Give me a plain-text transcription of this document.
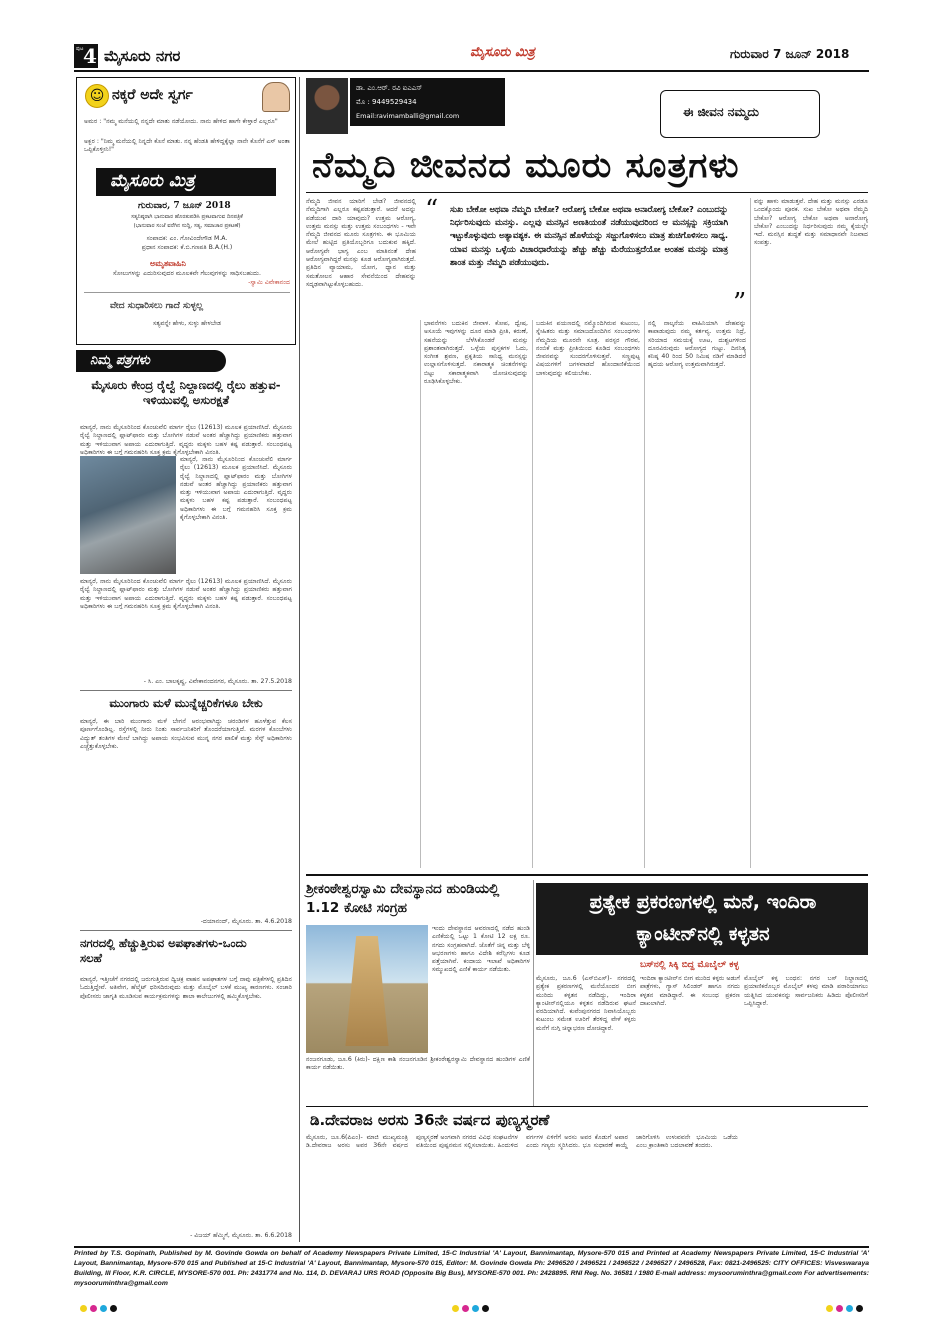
ಪುಟ 4 ಮೈಸೂರು ನಗರ	ಮೈಸೂರು ಮಿತ್ರ	ಗುರುವಾರ 7 ಜೂನ್ 2018
☺ ನಕ್ಕರೆ ಅದೇ ಸ್ವರ್ಗ
ಅಮರ : "ನಮ್ಮ ಮನೆಯಲ್ಲಿ ನನ್ನದೇ ಮಾತು ನಡೆಯೋದು. ನಾನು ಹೇಳಿದ ಹಾಗೇ ಕೇಳ್ತಾರೆ ಎಲ್ಲರೂ"
ಅಕ್ಬರ : "ನಿಮ್ಮ ಮನೆಯಲ್ಲಿ ನಿನ್ನದೇ ಕೊನೆ ಮಾತು. ನನ್ನ ಹೆಂಡತಿ ಹೇಳಿದ್ದಕ್ಕೆಲ್ಲಾ ನಾನೇ ಕೊನೆಗೆ ಎಸ್ ಅಂತಾ ಒಪ್ಪಿಕೊಳ್ತೀನಿ!"
ಮೈಸೂರು ಮಿತ್ರ
ಗುರುವಾರ, 7 ಜೂನ್ 2018
ಸತ್ಯನಿಷ್ಠರಾಗಿ ಭಾನುವಾರ ಹೊರತುಪಡಿಸಿ ಪ್ರಕಟವಾಗುವ ದಿನಪತ್ರಿಕೆ
(ಭಾನುವಾರ ಸಂಜೆ ವರೆಗಿನ ಸುದ್ದಿ, ಸತ್ಯ, ಸಮಾಚಾರ ಪ್ರಕಟಣೆ)
ಸಂಪಾದಕ: ಎಂ. ಗೋವಿಂದೇಗೌಡ M.A.
ಪ್ರಧಾನ ಸಂಪಾದಕ: ಕೆ.ಬಿ.ಗಣಪತಿ B.A.(H.)
ಅಮೃತವಾಹಿನಿ
ಸೋಲುಗಳನ್ನು ಎದುರಿಸುವುದರ ಮೂಲಕವೇ ಗೆಲುವುಗಳನ್ನು ಸಾಧಿಸಬಹುದು.
-ಸ್ವಾಮಿ ವಿವೇಕಾನಂದ
ವೇದ ಸುಧಾರಿಸಲು ಗಾದೆ ಸುಳ್ಳಲ್ಲ
ಸತ್ಯವನ್ನೇ ಹೇಳು, ಸುಳ್ಳು ಹೇಳಬೇಡ
ನಿಮ್ಮ ಪತ್ರಗಳು
ಮೈಸೂರು ಕೇಂದ್ರ ರೈಲ್ವೆ ನಿಲ್ದಾಣದಲ್ಲಿ ರೈಲು ಹತ್ತುವ-ಇಳಿಯುವಲ್ಲಿ ಅಸುರಕ್ಷತೆ
ಮಾನ್ಯರೆ, ನಾನು ಮೈಸೂರಿನಿಂದ ಕೊಂಚುವೆಲಿ ಮಾರ್ಗ ರೈಲು (12613) ಮೂಲಕ ಪ್ರಯಾಣಿಸಿದೆ. ಮೈಸೂರು ರೈಲ್ವೆ ನಿಲ್ದಾಣದಲ್ಲಿ ಪ್ಲಾಟ್‌ಫಾರಂ ಮತ್ತು ಬೋಗಿಗಳ ನಡುವೆ ಅಂತರ ಹೆಚ್ಚಾಗಿದ್ದು ಪ್ರಯಾಣಿಕರು ಹತ್ತುವಾಗ ಮತ್ತು ಇಳಿಯುವಾಗ ಅಪಾಯ ಎದುರಾಗುತ್ತಿದೆ. ವೃದ್ಧರು ಮಕ್ಕಳು ಬಹಳ ಕಷ್ಟ ಪಡುತ್ತಾರೆ. ಸಂಬಂಧಪಟ್ಟ ಅಧಿಕಾರಿಗಳು ಈ ಬಗ್ಗೆ ಗಮನಹರಿಸಿ ಸೂಕ್ತ ಕ್ರಮ ಕೈಗೊಳ್ಳಬೇಕಾಗಿ ವಿನಂತಿ.
ಮಾನ್ಯರೆ, ನಾನು ಮೈಸೂರಿನಿಂದ ಕೊಂಚುವೆಲಿ ಮಾರ್ಗ ರೈಲು (12613) ಮೂಲಕ ಪ್ರಯಾಣಿಸಿದೆ. ಮೈಸೂರು ರೈಲ್ವೆ ನಿಲ್ದಾಣದಲ್ಲಿ ಪ್ಲಾಟ್‌ಫಾರಂ ಮತ್ತು ಬೋಗಿಗಳ ನಡುವೆ ಅಂತರ ಹೆಚ್ಚಾಗಿದ್ದು ಪ್ರಯಾಣಿಕರು ಹತ್ತುವಾಗ ಮತ್ತು ಇಳಿಯುವಾಗ ಅಪಾಯ ಎದುರಾಗುತ್ತಿದೆ. ವೃದ್ಧರು ಮಕ್ಕಳು ಬಹಳ ಕಷ್ಟ ಪಡುತ್ತಾರೆ. ಸಂಬಂಧಪಟ್ಟ ಅಧಿಕಾರಿಗಳು ಈ ಬಗ್ಗೆ ಗಮನಹರಿಸಿ ಸೂಕ್ತ ಕ್ರಮ ಕೈಗೊಳ್ಳಬೇಕಾಗಿ ವಿನಂತಿ.
ಮಾನ್ಯರೆ, ನಾನು ಮೈಸೂರಿನಿಂದ ಕೊಂಚುವೆಲಿ ಮಾರ್ಗ ರೈಲು (12613) ಮೂಲಕ ಪ್ರಯಾಣಿಸಿದೆ. ಮೈಸೂರು ರೈಲ್ವೆ ನಿಲ್ದಾಣದಲ್ಲಿ ಪ್ಲಾಟ್‌ಫಾರಂ ಮತ್ತು ಬೋಗಿಗಳ ನಡುವೆ ಅಂತರ ಹೆಚ್ಚಾಗಿದ್ದು ಪ್ರಯಾಣಿಕರು ಹತ್ತುವಾಗ ಮತ್ತು ಇಳಿಯುವಾಗ ಅಪಾಯ ಎದುರಾಗುತ್ತಿದೆ. ವೃದ್ಧರು ಮಕ್ಕಳು ಬಹಳ ಕಷ್ಟ ಪಡುತ್ತಾರೆ. ಸಂಬಂಧಪಟ್ಟ ಅಧಿಕಾರಿಗಳು ಈ ಬಗ್ಗೆ ಗಮನಹರಿಸಿ ಸೂಕ್ತ ಕ್ರಮ ಕೈಗೊಳ್ಳಬೇಕಾಗಿ ವಿನಂತಿ.
- ಸಿ. ಎಂ. ಬಾಲಕೃಷ್ಣ, ವಿವೇಕಾನಂದನಗರ, ಮೈಸೂರು. ತಾ. 27.5.2018
ಮುಂಗಾರು ಮಳೆ ಮುನ್ನೆಚ್ಚರಿಕೆಗಳೂ ಬೇಕು
ಮಾನ್ಯರೆ, ಈ ಬಾರಿ ಮುಂಗಾರು ಮಳೆ ಬೇಗನೆ ಆರಂಭವಾಗಿದ್ದು ಚರಂಡಿಗಳ ಹೂಳೆತ್ತುವ ಕೆಲಸ ಪೂರ್ಣಗೊಂಡಿಲ್ಲ. ರಸ್ತೆಗಳಲ್ಲಿ ನೀರು ನಿಂತು ಸಾರ್ವಜನಿಕರಿಗೆ ತೊಂದರೆಯಾಗುತ್ತಿದೆ. ಮರಗಳ ಕೊಂಬೆಗಳು ವಿದ್ಯುತ್ ತಂತಿಗಳ ಮೇಲೆ ಬಾಗಿದ್ದು ಅಪಾಯ ಸಂಭವಿಸುವ ಮುನ್ನ ನಗರ ಪಾಲಿಕೆ ಮತ್ತು ಸೆಸ್ಕ್ ಅಧಿಕಾರಿಗಳು ಎಚ್ಚೆತ್ತುಕೊಳ್ಳಬೇಕು.
-ದಯಾನಂದ್, ಮೈಸೂರು. ತಾ. 4.6.2018
ನಗರದಲ್ಲಿ ಹೆಚ್ಚುತ್ತಿರುವ ಅಪಘಾತಗಳು-ಒಂದು ಸಲಹೆ
ಮಾನ್ಯರೆ, ಇತ್ತೀಚೆಗೆ ನಗರದಲ್ಲಿ ಜರುಗುತ್ತಿರುವ ದ್ವಿಚಕ್ರ ವಾಹನ ಅಪಘಾತಗಳ ಬಗ್ಗೆ ನಾವು ಪತ್ರಿಕೆಗಳಲ್ಲಿ ಪ್ರತಿದಿನ ಓದುತ್ತಿದ್ದೇವೆ. ಅತಿವೇಗ, ಹೆಲ್ಮೆಟ್ ಧರಿಸದಿರುವುದು ಮತ್ತು ಮೊಬೈಲ್ ಬಳಕೆ ಮುಖ್ಯ ಕಾರಣಗಳು. ಸಂಚಾರಿ ಪೊಲೀಸರು ಜಾಗೃತಿ ಮೂಡಿಸುವ ಕಾರ್ಯಕ್ರಮಗಳನ್ನು ಶಾಲಾ ಕಾಲೇಜುಗಳಲ್ಲಿ ಹಮ್ಮಿಕೊಳ್ಳಬೇಕು.
- ವಿಜಯ್ ಹೆಮ್ಮಿಗೆ, ಮೈಸೂರು. ತಾ. 6.6.2018
ಡಾ. ಎಂ.ಆರ್. ರವಿ ಐಎಎಸ್
ಮೊ : 9449529434
Email:ravimamballi@gmail.com	ಈ ಜೀವನ ನಮ್ಮದು
ನೆಮ್ಮದಿ ಜೀವನದ ಮೂರು ಸೂತ್ರಗಳು
“ ಸುಖ ಬೇಕೋ ಅಥವಾ ನೆಮ್ಮದಿ ಬೇಕೋ? ಆರೋಗ್ಯ ಬೇಕೋ ಅಥವಾ ಅನಾರೋಗ್ಯ ಬೇಕೋ? ಎಂಬುದನ್ನು ನಿರ್ಧರಿಸುವುದು ಮನಸ್ಸು. ಎಲ್ಲವು ಮನಸ್ಸಿನ ಅಣತಿಯಂತೆ ನಡೆಯುವುದರಿಂದ ಆ ಮನಸ್ಸನ್ನು ಸಕ್ರಿಯಾಗಿ ಇಟ್ಟುಕೊಳ್ಳುವುದು ಅತ್ಯಾವಶ್ಯಕ. ಈ ಮನಸ್ಸಿನ ಹೊಳೆಯನ್ನು ಸಜ್ಜುಗೊಳಿಸಲು ಮಾತ್ರ ಶುಚಿಗೊಳಿಸಲು ಸಾಧ್ಯ. ಯಾವ ಮನಸ್ಸು ಒಳ್ಳೆಯ ವಿಚಾರಧಾರೆಯನ್ನು ಹೆಚ್ಚು ಹೆಚ್ಚು ಮೆರೆಯುತ್ತದೆಯೋ ಅಂತಹ ಮನಸ್ಸು ಮಾತ್ರ ಶಾಂತ ಮತ್ತು ನೆಮ್ಮದಿ ಪಡೆಯುವುದು.
”
ನೆಮ್ಮದಿ ಜೀವನ ಯಾರಿಗೆ ಬೇಡ? ಜೀವನದಲ್ಲಿ ನೆಮ್ಮದಿಗಾಗಿ ಎಲ್ಲರೂ ಕಷ್ಟಪಡುತ್ತಾರೆ. ಆದರೆ ಅದನ್ನು ಪಡೆಯುವ ದಾರಿ ಯಾವುದು? ಉತ್ತಮ ಆರೋಗ್ಯ, ಉತ್ತಮ ಮನಸ್ಸು ಮತ್ತು ಉತ್ತಮ ಸಂಬಂಧಗಳು - ಇವೇ ನೆಮ್ಮದಿ ಜೀವನದ ಮೂರು ಸೂತ್ರಗಳು. ಈ ಭೂಮಿಯ ಮೇಲೆ ಹುಟ್ಟಿದ ಪ್ರತಿಯೊಬ್ಬರಿಗೂ ಬದುಕುವ ಹಕ್ಕಿದೆ. ಆರೋಗ್ಯವೇ ಭಾಗ್ಯ ಎಂಬ ಮಾತಿನಂತೆ ದೇಹ ಆರೋಗ್ಯವಾಗಿದ್ದರೆ ಮನಸ್ಸು ಕೂಡ ಆರೋಗ್ಯವಾಗಿರುತ್ತದೆ. ಪ್ರತಿದಿನ ವ್ಯಾಯಾಮ, ಯೋಗ, ಧ್ಯಾನ ಮತ್ತು ಸಮತೋಲನ ಆಹಾರ ಸೇವನೆಯಿಂದ ದೇಹವನ್ನು ಸದೃಢವಾಗಿಟ್ಟುಕೊಳ್ಳಬಹುದು.
ಭಾವನೆಗಳು ಬದುಕಿನ ಜೀವಾಳ. ಕೋಪ, ದ್ವೇಷ, ಅಸೂಯೆ ಇವುಗಳನ್ನು ದೂರ ಮಾಡಿ ಪ್ರೀತಿ, ಕರುಣೆ, ಸಹನೆಯನ್ನು ಬೆಳೆಸಿಕೊಂಡರೆ ಮನಸ್ಸು ಪ್ರಶಾಂತವಾಗಿರುತ್ತದೆ. ಒಳ್ಳೆಯ ಪುಸ್ತಕಗಳ ಓದು, ಸಂಗೀತ ಶ್ರವಣ, ಪ್ರಕೃತಿಯ ಸಾನಿಧ್ಯ ಮನಸ್ಸನ್ನು ಉಲ್ಲಾಸಗೊಳಿಸುತ್ತದೆ. ನಕಾರಾತ್ಮಕ ಚಿಂತನೆಗಳನ್ನು ಬಿಟ್ಟು ಸಕಾರಾತ್ಮಕವಾಗಿ ಯೋಚಿಸುವುದನ್ನು ರೂಢಿಸಿಕೊಳ್ಳಬೇಕು.
ಬದುಕಿನ ಪಯಣದಲ್ಲಿ ನಮ್ಮೊಂದಿಗಿರುವ ಕುಟುಂಬ, ಸ್ನೇಹಿತರು ಮತ್ತು ಸಮಾಜದೊಂದಿಗಿನ ಸಂಬಂಧಗಳು ನೆಮ್ಮದಿಯ ಮೂರನೇ ಸೂತ್ರ. ಪರಸ್ಪರ ಗೌರವ, ನಂಬಿಕೆ ಮತ್ತು ಪ್ರೀತಿಯಿಂದ ಕೂಡಿದ ಸಂಬಂಧಗಳು ಜೀವನವನ್ನು ಸುಂದರಗೊಳಿಸುತ್ತವೆ. ಸಣ್ಣಪುಟ್ಟ ವಿಷಯಗಳಿಗೆ ಜಗಳವಾಡದೆ ಹೊಂದಾಣಿಕೆಯಿಂದ ಬಾಳುವುದನ್ನು ಕಲಿಯಬೇಕು.
ನಲ್ಲಿ ನಾಲ್ಕನೆಯ ವಾಹಿನಿಯಾಗಿ ದೇಹವನ್ನು ಕಾಪಾಡುವುದು ನಮ್ಮ ಕರ್ತವ್ಯ. ಉತ್ತಮ ನಿದ್ರೆ, ಸರಿಯಾದ ಸಮಯಕ್ಕೆ ಊಟ, ದುಶ್ಚಟಗಳಿಂದ ದೂರವಿರುವುದು ಆರೋಗ್ಯದ ಗುಟ್ಟು. ದಿನನಿತ್ಯ ಕನಿಷ್ಠ 40 ರಿಂದ 50 ನಿಮಿಷ ನಡಿಗೆ ಮಾಡಿದರೆ ಹೃದಯ ಆರೋಗ್ಯ ಉತ್ತಮವಾಗಿರುತ್ತದೆ.
ವನ್ನು ಹಾಳು ಮಾಡುತ್ತವೆ. ದೇಹ ಮತ್ತು ಮನಸ್ಸು ಎರಡೂ ಒಂದಕ್ಕೊಂದು ಪೂರಕ. ಸುಖ ಬೇಕೋ ಅಥವಾ ನೆಮ್ಮದಿ ಬೇಕೋ? ಆರೋಗ್ಯ ಬೇಕೋ ಅಥವಾ ಅನಾರೋಗ್ಯ ಬೇಕೋ? ಎಂಬುದನ್ನು ನಿರ್ಧರಿಸುವುದು ನಮ್ಮ ಕೈಯಲ್ಲೇ ಇದೆ. ಮನಸ್ಸಿನ ಶುದ್ಧತೆ ಮತ್ತು ಸಮಾಧಾನವೇ ನಿಜವಾದ ಸಂಪತ್ತು.
ಶ್ರೀಕಂಠೇಶ್ವರಸ್ವಾಮಿ ದೇವಸ್ಥಾನದ ಹುಂಡಿಯಲ್ಲಿ 1.12 ಕೋಟಿ ಸಂಗ್ರಹ
ನಂಜನಗೂಡು, ಜೂ.6 (ಕಿರು)- ದಕ್ಷಿಣ ಕಾಶಿ ನಂಜನಗೂಡಿನ ಶ್ರೀಕಂಠೇಶ್ವರಸ್ವಾಮಿ ದೇವಸ್ಥಾನದ ಹುಂಡಿಗಳ ಎಣಿಕೆ ಕಾರ್ಯ ನಡೆಯಿತು.
ಇಂದು ದೇವಸ್ಥಾನದ ಆವರಣದಲ್ಲಿ ನಡೆದ ಹುಂಡಿ ಎಣಿಕೆಯಲ್ಲಿ ಒಟ್ಟು 1 ಕೋಟಿ 12 ಲಕ್ಷ ರೂ. ನಗದು ಸಂಗ್ರಹವಾಗಿದೆ. ಜೊತೆಗೆ ಚಿನ್ನ ಮತ್ತು ಬೆಳ್ಳಿ ಆಭರಣಗಳು ಹಾಗೂ ವಿದೇಶಿ ಕರೆನ್ಸಿಗಳು ಕೂಡ ಪತ್ತೆಯಾಗಿವೆ. ಕಂದಾಯ ಇಲಾಖೆ ಅಧಿಕಾರಿಗಳ ಸಮ್ಮುಖದಲ್ಲಿ ಎಣಿಕೆ ಕಾರ್ಯ ನಡೆಯಿತು.
ಡಿ.ದೇವರಾಜ ಅರಸು 36ನೇ ವರ್ಷದ ಪುಣ್ಯಸ್ಮರಣೆ
ಮೈಸೂರು, ಜೂ.6(ಪಿಎಂ)- ಮಾಜಿ ಮುಖ್ಯಮಂತ್ರಿ ಡಿ.ದೇವರಾಜ ಅರಸು ಅವರ 36ನೇ ವರ್ಷದ ಪುಣ್ಯಸ್ಮರಣೆ ಅಂಗವಾಗಿ ನಗರದ ವಿವಿಧ ಸಂಘಟನೆಗಳ ವತಿಯಿಂದ ಪುಷ್ಪನಮನ ಸಲ್ಲಿಸಲಾಯಿತು. ಹಿಂದುಳಿದ ವರ್ಗಗಳ ಏಳಿಗೆಗೆ ಅರಸು ಅವರ ಕೊಡುಗೆ ಅಪಾರ ಎಂದು ಗಣ್ಯರು ಸ್ಮರಿಸಿದರು. ಭೂ ಸುಧಾರಣೆ ಕಾಯ್ದೆ ಜಾರಿಗೊಳಿಸಿ ಉಳುವವನೇ ಭೂಮಿಯ ಒಡೆಯ ಎಂಬ ಕ್ರಾಂತಿಕಾರಿ ಬದಲಾವಣೆ ತಂದರು.
ಪ್ರತ್ಯೇಕ ಪ್ರಕರಣಗಳಲ್ಲಿ ಮನೆ, ಇಂದಿರಾ ಕ್ಯಾಂಟೀನ್‌ನಲ್ಲಿ ಕಳ್ಳತನ
ಬಸ್‌ನಲ್ಲಿ ಸಿಕ್ಕಿ ಬಿದ್ದ ಮೊಬೈಲ್ ಕಳ್ಳ
ಮೈಸೂರು, ಜೂ.6 (ಎಸ್‌ಬಿಎಸ್)- ನಗರದಲ್ಲಿ ಪ್ರತ್ಯೇಕ ಪ್ರಕರಣಗಳಲ್ಲಿ ಮನೆಯೊಂದರ ಬೀಗ ಮುರಿದು ಕಳ್ಳತನ ನಡೆದಿದ್ದು, ಇಂದಿರಾ ಕ್ಯಾಂಟೀನ್‌ನಲ್ಲಿಯೂ ಕಳ್ಳತನ ನಡೆದಿರುವ ಘಟನೆ ವರದಿಯಾಗಿದೆ. ಕುವೆಂಪುನಗರದ ನಿವಾಸಿಯೊಬ್ಬರು ಕುಟುಂಬ ಸಮೇತ ಊರಿಗೆ ತೆರಳಿದ್ದ ವೇಳೆ ಕಳ್ಳರು ಮನೆಗೆ ನುಗ್ಗಿ ಚಿನ್ನಾಭರಣ ದೋಚಿದ್ದಾರೆ.
ಇಂದಿರಾ ಕ್ಯಾಂಟೀನ್‌ನ ಬೀಗ ಮುರಿದ ಕಳ್ಳರು ಅಡುಗೆ ಪಾತ್ರೆಗಳು, ಗ್ಯಾಸ್ ಸಿಲಿಂಡರ್ ಹಾಗೂ ನಗದು ಕಳ್ಳತನ ಮಾಡಿದ್ದಾರೆ. ಈ ಸಂಬಂಧ ಪ್ರಕರಣ ದಾಖಲಾಗಿದೆ.
ಮೊಬೈಲ್ ಕಳ್ಳ ಬಂಧನ: ನಗರ ಬಸ್ ನಿಲ್ದಾಣದಲ್ಲಿ ಪ್ರಯಾಣಿಕರೊಬ್ಬರ ಮೊಬೈಲ್ ಕಳವು ಮಾಡಿ ಪರಾರಿಯಾಗಲು ಯತ್ನಿಸಿದ ಯುವಕನನ್ನು ಸಾರ್ವಜನಿಕರು ಹಿಡಿದು ಪೊಲೀಸರಿಗೆ ಒಪ್ಪಿಸಿದ್ದಾರೆ.
Printed by T.S. Gopinath, Published by M. Govinde Gowda on behalf of Academy Newspapers Private Limited, 15-C Industrial 'A' Layout, Bannimantap, Mysore-570 015 and Printed at Academy Newspapers Private Limited, 15-C Industrial 'A' Layout, Bannimantap, Mysore-570 015 and Published at 15-C Industrial 'A' Layout, Bannimantap, Mysore-570 015, Editor: M. Govinde Gowda Ph: 2496520 / 2496521 / 2496522 / 2496527 / 2496528, Fax: 0821-2496525: CITY OFFICES: Visveswaraya Building, III Floor, K.R. CIRCLE, MYSORE-570 001. Ph: 2431774 and No. 114, D. DEVARAJ URS ROAD (Opposite Big Bus), MYSORE-570 001. Ph: 2428895. RNI Reg. No. 36581 / 1980 E-mail address: mysooruminthra@gmail.com For advertisements: mysooruminthra@gmail.com
